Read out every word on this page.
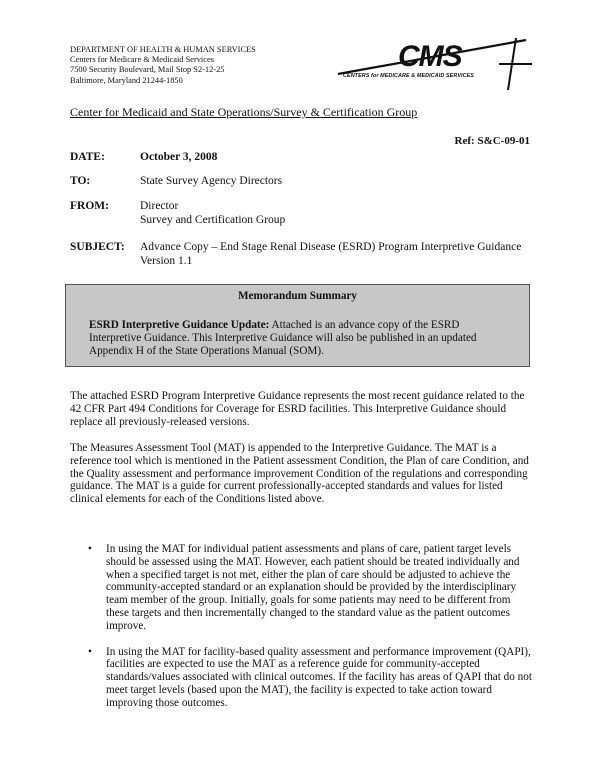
DEPARTMENT OF HEALTH & HUMAN SERVICES
Centers for Medicare & Medicaid Services
7500 Security Boulevard, Mail Stop S2-12-25
Baltimore, Maryland 21244-1850
CMS
CENTERS for MEDICARE & MEDICAID SERVICES
Center for Medicaid and State Operations/Survey & Certification Group
Ref: S&C-09-01
DATE:	October 3, 2008
TO:	State Survey Agency Directors
FROM:	Director
Survey and Certification Group
SUBJECT: Advance Copy – End Stage Renal Disease (ESRD) Program Interpretive Guidance Version 1.1
Memorandum Summary
ESRD Interpretive Guidance Update: Attached is an advance copy of the ESRD Interpretive Guidance. This Interpretive Guidance will also be published in an updated Appendix H of the State Operations Manual (SOM).
The attached ESRD Program Interpretive Guidance represents the most recent guidance related to the 42 CFR Part 494 Conditions for Coverage for ESRD facilities. This Interpretive Guidance should replace all previously-released versions.
The Measures Assessment Tool (MAT) is appended to the Interpretive Guidance. The MAT is a reference tool which is mentioned in the Patient assessment Condition, the Plan of care Condition, and the Quality assessment and performance improvement Condition of the regulations and corresponding guidance. The MAT is a guide for current professionally-accepted standards and values for listed clinical elements for each of the Conditions listed above.
• In using the MAT for individual patient assessments and plans of care, patient target levels should be assessed using the MAT. However, each patient should be treated individually and when a specified target is not met, either the plan of care should be adjusted to achieve the community-accepted standard or an explanation should be provided by the interdisciplinary team member of the group. Initially, goals for some patients may need to be different from these targets and then incrementally changed to the standard value as the patient outcomes improve.
• In using the MAT for facility-based quality assessment and performance improvement (QAPI), facilities are expected to use the MAT as a reference guide for community-accepted standards/values associated with clinical outcomes. If the facility has areas of QAPI that do not meet target levels (based upon the MAT), the facility is expected to take action toward improving those outcomes.
